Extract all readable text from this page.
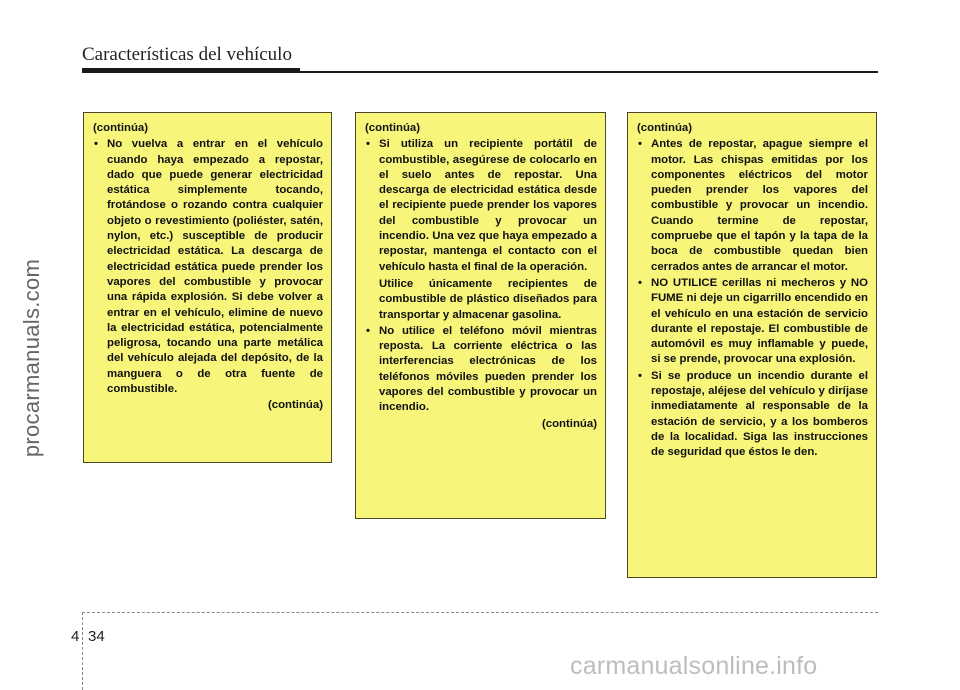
Características del vehículo
procarmanuals.com
(continúa)
• No vuelva a entrar en el vehículo cuando haya empezado a repostar, dado que puede generar electricidad estática simplemente tocando, frotándose o rozando contra cualquier objeto o revestimiento (poliéster, satén, nylon, etc.) susceptible de producir electricidad estática. La descarga de electricidad estática puede prender los vapores del combustible y provocar una rápida explosión. Si debe volver a entrar en el vehículo, elimine de nuevo la electricidad estática, potencialmente peligrosa, tocando una parte metálica del vehículo alejada del depósito, de la manguera o de otra fuente de combustible.
(continúa)
(continúa)
• Si utiliza un recipiente portátil de combustible, asegúrese de colocarlo en el suelo antes de repostar. Una descarga de electricidad estática desde el recipiente puede prender los vapores del combustible y provocar un incendio. Una vez que haya empezado a repostar, mantenga el contacto con el vehículo hasta el final de la operación.
Utilice únicamente recipientes de combustible de plástico diseñados para transportar y almacenar gasolina.
• No utilice el teléfono móvil mientras reposta. La corriente eléctrica o las interferencias electrónicas de los teléfonos móviles pueden prender los vapores del combustible y provocar un incendio.
(continúa)
(continúa)
• Antes de repostar, apague siempre el motor. Las chispas emitidas por los componentes eléctricos del motor pueden prender los vapores del combustible y provocar un incendio. Cuando termine de repostar, compruebe que el tapón y la tapa de la boca de combustible quedan bien cerrados antes de arrancar el motor.
• NO UTILICE cerillas ni mecheros y NO FUME ni deje un cigarrillo encendido en el vehículo en una estación de servicio durante el repostaje. El combustible de automóvil es muy inflamable y puede, si se prende, provocar una explosión.
• Si se produce un incendio durante el repostaje, aléjese del vehículo y diríjase inmediatamente al responsable de la estación de servicio, y a los bomberos de la localidad. Siga las instrucciones de seguridad que éstos le den.
4 34
carmanualsonline.info
